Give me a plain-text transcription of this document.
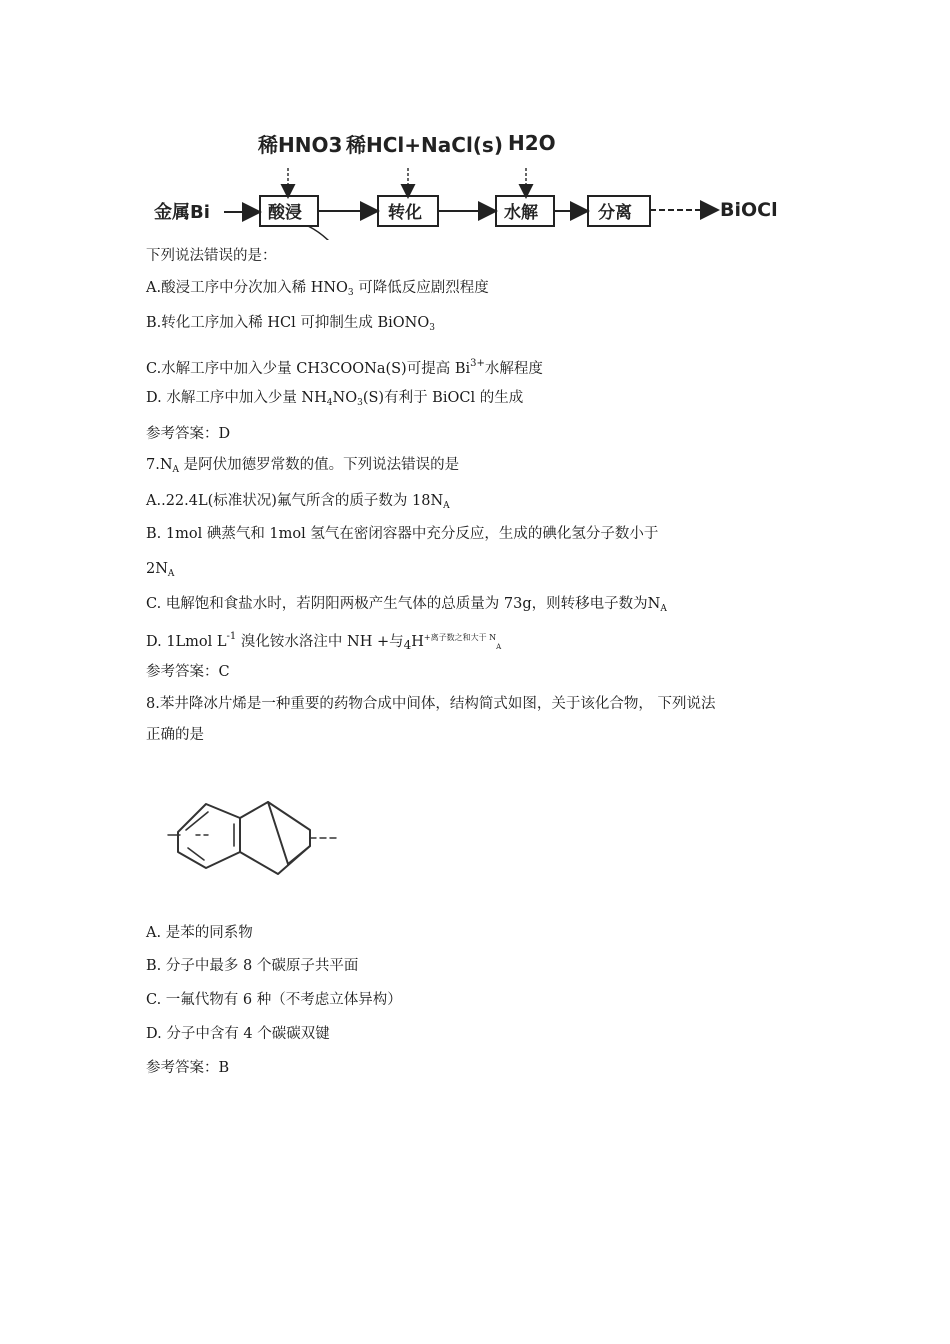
稀HNO3 稀HCl+NaCl(s) H2O
金属Bi	酸浸	转化	水解	分离	BiOCl
下列说法错误的是：
A.酸浸工序中分次加入稀 $HNO_3$ 可降低反应剧烈程度
B.转化工序加入稀 HCl 可抑制生成 BiONO$_3$
C.水解工序中加入少量 CH3COONa(S)可提高 $Bi^{3+}$水解程度
D. 水解工序中加入少量 $NH_4NO_3(S)$有利于 BiOCl 的生成
参考答案：D
$7.N_A$ 是阿伏加德罗常数的值。下列说法错误的是
A..22.4L(标准状况)氟气所含的质子数为 $18N_A$
B. 1mol 碘蒸气和 1mol 氢气在密闭容器中充分反应，生成的碘化氢分子数小于
$2N_A$
C. 电解饱和食盐水时，若阴阳两极产生气体的总质量为 73g，则转移电子数为$N_A$
D. 1Lmol $L^{-1}$ 溴化铵水洛注中 NH +与$_4H^{+离子数之和大于 N}_A$
参考答案：C
8.苯井降冰片烯是一种重要的药物合成中间体，结构简式如图，关于该化合物， 下列说法
正确的是
A. 是苯的同系物
B. 分子中最多 8 个碳原子共平面
C. 一氟代物有 6 种（不考虑立体异构）
D. 分子中含有 4 个碳碳双键
参考答案：B
